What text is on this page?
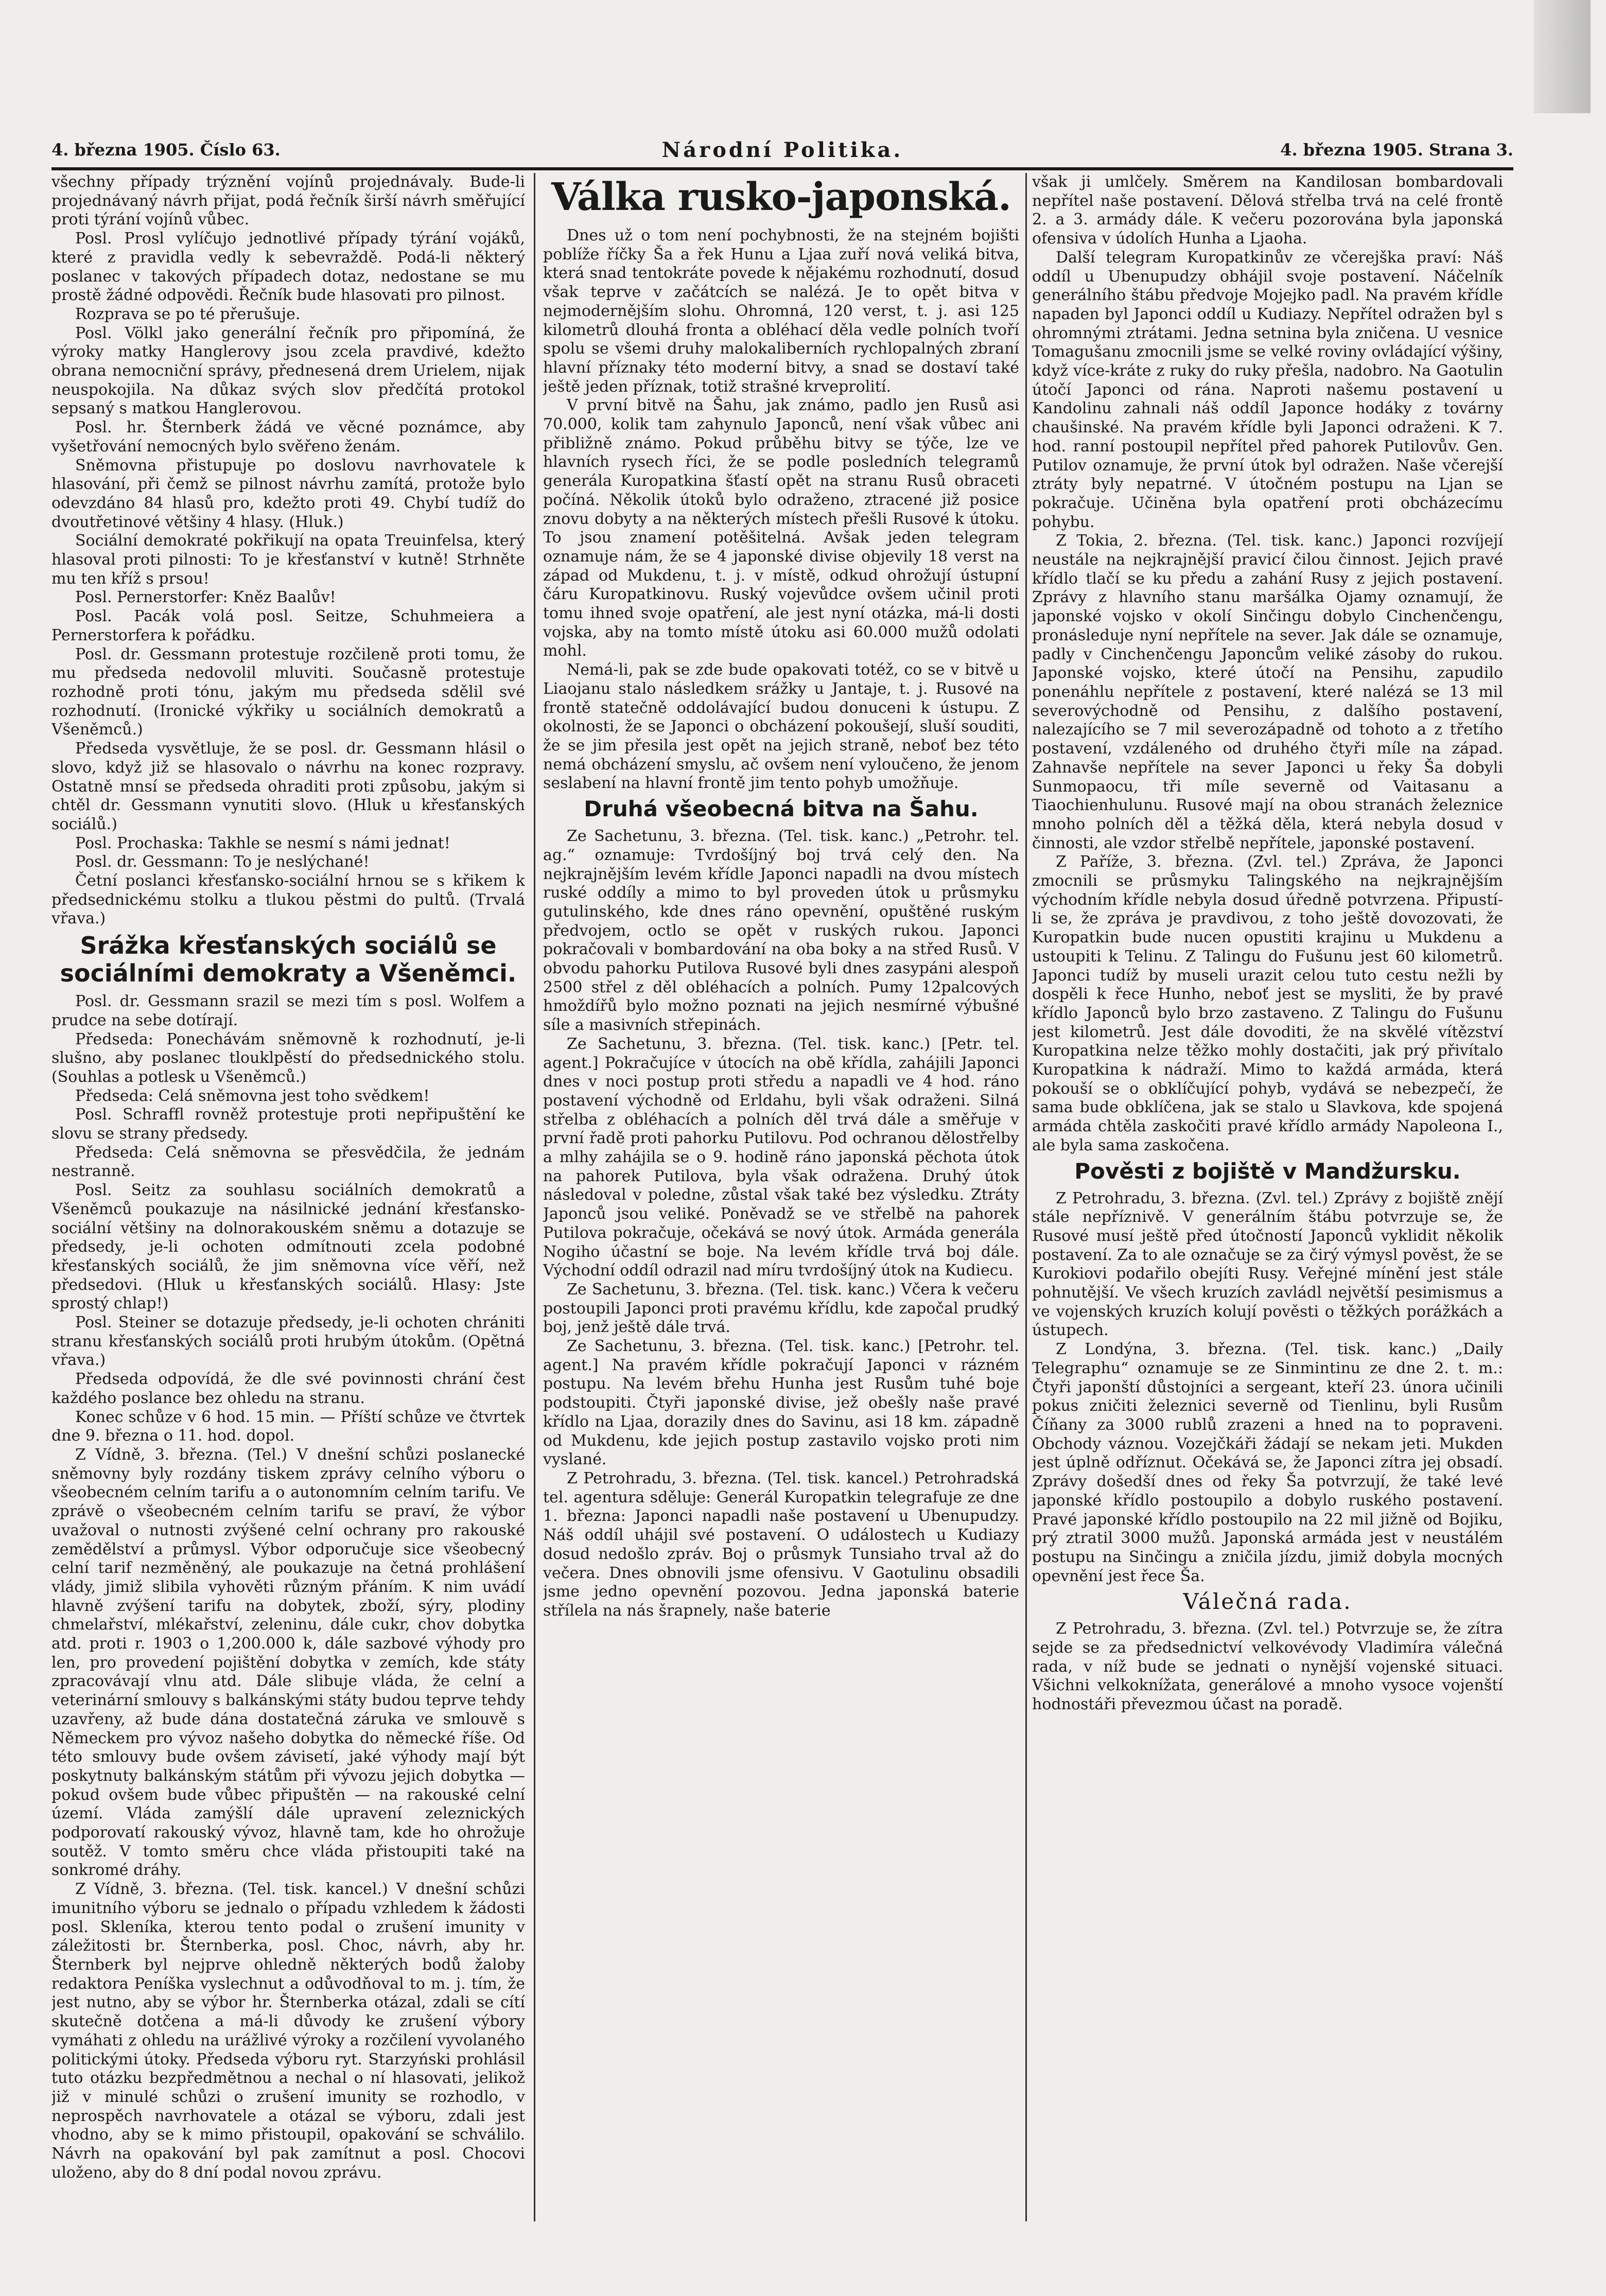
4. března 1905. Číslo 63.	Národní Politika.	4. března 1905. Strana 3.

všechny případy trýznění vojínů projednávaly. Bude-li projednávaný návrh přijat, podá řečník širší návrh směřující proti týrání vojínů vůbec.

Posl. Prosl vylíčujo jednotlivé případy týrání vojáků, které z pravidla vedly k sebevraždě. Podá-li některý poslanec v takových případech dotaz, nedostane se mu prostě žádné odpovědi. Řečník bude hlasovati pro pilnost.

Rozprava se po té přerušuje.

Posl. Völkl jako generální řečník pro připomíná, že výroky matky Hanglerovy jsou zcela pravdivé, kdežto obrana nemocniční správy, přednesená drem Urielem, nijak neuspokojila. Na důkaz svých slov předčítá protokol sepsaný s matkou Hanglerovou.

Posl. hr. Šternberk žádá ve věcné poznámce, aby vyšetřování nemocných bylo svěřeno ženám.

Sněmovna přistupuje po doslovu navrhovatele k hlasování, při čemž se pilnost návrhu zamítá, protože bylo odevzdáno 84 hlasů pro, kdežto proti 49. Chybí tudíž do dvoutřetinové většiny 4 hlasy. (Hluk.)

Sociální demokraté pokřikují na opata Treuinfelsa, který hlasoval proti pilnosti: To je křesťanství v kutně! Strhněte mu ten kříž s prsou!

Posl. Pernerstorfer: Kněz Baalův!

Posl. Pacák volá posl. Seitze, Schuhmeiera a Pernerstorfera k pořádku.

Posl. dr. Gessmann protestuje rozčileně proti tomu, že mu předseda nedovolil mluviti. Současně protestuje rozhodně proti tónu, jakým mu předseda sdělil své rozhodnutí. (Ironické výkřiky u sociálních demokratů a Všeněmců.)

Předseda vysvětluje, že se posl. dr. Gessmann hlásil o slovo, když již se hlasovalo o návrhu na konec rozpravy. Ostatně mnsí se předseda ohraditi proti způsobu, jakým si chtěl dr. Gessmann vynutiti slovo. (Hluk u křesťanských sociálů.)

Posl. Prochaska: Takhle se nesmí s námi jednat!

Posl. dr. Gessmann: To je neslýchané!

Četní poslanci křesťansko-sociální hrnou se s křikem k předsednickému stolku a tlukou pěstmi do pultů. (Trvalá vřava.)

Srážka křesťanských sociálů se sociálními demokraty a Všeněmci.

Posl. dr. Gessmann srazil se mezi tím s posl. Wolfem a prudce na sebe dotírají.

Předseda: Ponechávám sněmovně k rozhodnutí, je-li slušno, aby poslanec tlouklpěstí do předsednického stolu. (Souhlas a potlesk u Všeněmců.)

Předseda: Celá sněmovna jest toho svědkem!

Posl. Schraffl rovněž protestuje proti nepřipuštění ke slovu se strany předsedy.

Předseda: Celá sněmovna se přesvědčila, že jednám nestranně.

Posl. Seitz za souhlasu sociálních demokratů a Všeněmců poukazuje na násilnické jednání křesťansko-sociální většiny na dolnorakouském sněmu a dotazuje se předsedy, je-li ochoten odmítnouti zcela podobné křesťanských sociálů, že jim sněmovna více věří, než předsedovi. (Hluk u křesťanských sociálů. Hlasy: Jste sprostý chlap!)

Posl. Steiner se dotazuje předsedy, je-li ochoten chrániti stranu křesťanských sociálů proti hrubým útokům. (Opětná vřava.)

Předseda odpovídá, že dle své povinnosti chrání čest každého poslance bez ohledu na stranu.

Konec schůze v 6 hod. 15 min. — Příští schůze ve čtvrtek dne 9. března o 11. hod. dopol.

Z Vídně, 3. března. (Tel.) V dnešní schůzi poslanecké sněmovny byly rozdány tiskem zprávy celního výboru o všeobecném celním tarifu a o autonomním celním tarifu. Ve zprávě o všeobecném celním tarifu se praví, že výbor uvažoval o nutnosti zvýšené celní ochrany pro rakouské zemědělství a průmysl. Výbor odporučuje sice všeobecný celní tarif nezměněný, ale poukazuje na četná prohlášení vlády, jimiž slibila vyhověti různým přáním. K nim uvádí hlavně zvýšení tarifu na dobytek, zboží, sýry, plodiny chmelařství, mlékařství, zeleninu, dále cukr, chov dobytka atd. proti r. 1903 o 1,200.000 k, dále sazbové výhody pro len, pro provedení pojištění dobytka v zemích, kde státy zpracovávají vlnu atd. Dále slibuje vláda, že celní a veterinární smlouvy s balkánskými státy budou teprve tehdy uzavřeny, až bude dána dostatečná záruka ve smlouvě s Německem pro vývoz našeho dobytka do německé říše. Od této smlouvy bude ovšem závisetí, jaké výhody mají být poskytnuty balkánským státům při vývozu jejich dobytka — pokud ovšem bude vůbec připuštěn — na rakouské celní území. Vláda zamýšlí dále upravení zeleznických podporovatí rakouský vývoz, hlavně tam, kde ho ohrožuje soutěž. V tomto směru chce vláda přistoupiti také na sonkromé dráhy.

Z Vídně, 3. března. (Tel. tisk. kancel.) V dnešní schůzi imunitního výboru se jednalo o případu vzhledem k žádosti posl. Skleníka, kterou tento podal o zrušení imunity v záležitosti br. Šternberka, posl. Choc, návrh, aby hr. Šternberk byl nejprve ohledně některých bodů žaloby redaktora Peníška vyslechnut a odůvodňoval to m. j. tím, že jest nutno, aby se výbor hr. Šternberka otázal, zdali se cítí skutečně dotčena a má-li důvody ke zrušení výbory vymáhati z ohledu na urážlivé výroky a rozčilení vyvolaného politickými útoky. Předseda výboru ryt. Starzyński prohlásil tuto otázku bezpředmětnou a nechal o ní hlasovati, jelikož již v minulé schůzi o zrušení imunity se rozhodlo, v neprospěch navrhovatele a otázal se výboru, zdali jest vhodno, aby se k mimo přistoupil, opakování se schválilo. Návrh na opakování byl pak zamítnut a posl. Chocovi uloženo, aby do 8 dní podal novou zprávu.

Válka rusko-japonská.

Dnes už o tom není pochybnosti, že na stejném bojišti poblíže říčky Ša a řek Hunu a Ljaa zuří nová veliká bitva, která snad tentokráte povede k nějakému rozhodnutí, dosud však teprve v začátcích se nalézá. Je to opět bitva v nejmodernějším slohu. Ohromná, 120 verst, t. j. asi 125 kilometrů dlouhá fronta a obléhací děla vedle polních tvoří spolu se všemi druhy malokaliberních rychlopalných zbraní hlavní příznaky této moderní bitvy, a snad se dostaví také ještě jeden příznak, totiž strašné krveprolití.

V první bitvě na Šahu, jak známo, padlo jen Rusů asi 70.000, kolik tam zahynulo Japonců, není však vůbec ani přibližně známo. Pokud průběhu bitvy se týče, lze ve hlavních rysech říci, že se podle posledních telegramů generála Kuropatkina šťastí opět na stranu Rusů obraceti počíná. Několik útoků bylo odraženo, ztracené již posice znovu dobyty a na některých místech přešli Rusové k útoku. To jsou znamení potěšitelná. Avšak jeden telegram oznamuje nám, že se 4 japonské divise objevily 18 verst na západ od Mukdenu, t. j. v místě, odkud ohrožují ústupní čáru Kuropatkinovu. Ruský vojevůdce ovšem učinil proti tomu ihned svoje opatření, ale jest nyní otázka, má-li dosti vojska, aby na tomto místě útoku asi 60.000 mužů odolati mohl.

Nemá-li, pak se zde bude opakovati totéž, co se v bitvě u Liaojanu stalo následkem srážky u Jantaje, t. j. Rusové na frontě statečně oddolávající budou donuceni k ústupu. Z okolnosti, že se Japonci o obcházení pokoušejí, sluší souditi, že se jim přesila jest opět na jejich straně, neboť bez této nemá obcházení smyslu, ač ovšem není vyloučeno, že jenom seslabení na hlavní frontě jim tento pohyb umožňuje.

Druhá všeobecná bitva na Šahu.

Ze Sachetunu, 3. března. (Tel. tisk. kanc.) „Petrohr. tel. ag.“ oznamuje: Tvrdošíjný boj trvá celý den. Na nejkrajnějším levém křídle Japonci napadli na dvou místech ruské oddíly a mimo to byl proveden útok u průsmyku gutulinského, kde dnes ráno opevnění, opuštěné ruským předvojem, octlo se opět v ruských rukou. Japonci pokračovali v bombardování na oba boky a na střed Rusů. V obvodu pahorku Putilova Rusové byli dnes zasypáni alespoň 2500 střel z děl obléhacích a polních. Pumy 12palcových hmoždířů bylo možno poznati na jejich nesmírné výbušné síle a masivních střepinách.

Ze Sachetunu, 3. března. (Tel. tisk. kanc.) [Petr. tel. agent.] Pokračujíce v útocích na obě křídla, zahájili Japonci dnes v noci postup proti středu a napadli ve 4 hod. ráno postavení východně od Erldahu, byli však odraženi. Silná střelba z obléhacích a polních děl trvá dále a směřuje v první řadě proti pahorku Putilovu. Pod ochranou dělostřelby a mlhy zahájila se o 9. hodině ráno japonská pěchota útok na pahorek Putilova, byla však odražena. Druhý útok následoval v poledne, zůstal však také bez výsledku. Ztráty Japonců jsou veliké. Poněvadž se ve střelbě na pahorek Putilova pokračuje, očekává se nový útok. Armáda generála Nogiho účastní se boje. Na levém křídle trvá boj dále. Východní oddíl odrazil nad míru tvrdošíjný útok na Kudiecu.

Ze Sachetunu, 3. března. (Tel. tisk. kanc.) Včera k večeru postoupili Japonci proti pravému křídlu, kde započal prudký boj, jenž ještě dále trvá.

Ze Sachetunu, 3. března. (Tel. tisk. kanc.) [Petrohr. tel. agent.] Na pravém křídle pokračují Japonci v rázném postupu. Na levém břehu Hunha jest Rusům tuhé boje podstoupiti. Čtyři japonské divise, jež obešly naše pravé křídlo na Ljaa, dorazily dnes do Savinu, asi 18 km. západně od Mukdenu, kde jejich postup zastavilo vojsko proti nim vyslané.

Z Petrohradu, 3. března. (Tel. tisk. kancel.) Petrohradská tel. agentura sděluje: Generál Kuropatkin telegrafuje ze dne 1. března: Japonci napadli naše postavení u Ubenupudzy. Náš oddíl uhájil své postavení. O událostech u Kudiazy dosud nedošlo zpráv. Boj o průsmyk Tunsiaho trval až do večera. Dnes obnovili jsme ofensivu. V Gaotulinu obsadili jsme jedno opevnění pozovou. Jedna japonská baterie střílela na nás šrapnely, naše baterie

však ji umlčely. Směrem na Kandilosan bombardovali nepřítel naše postavení. Dělová střelba trvá na celé frontě 2. a 3. armády dále. K večeru pozorována byla japonská ofensiva v údolích Hunha a Ljaoha.

Další telegram Kuropatkinův ze včerejška praví: Náš oddíl u Ubenupudzy obhájil svoje postavení. Náčelník generálního štábu předvoje Mojejko padl. Na pravém křídle napaden byl Japonci oddíl u Kudiazy. Nepřítel odražen byl s ohromnými ztrátami. Jedna setnina byla zničena. U vesnice Tomagušanu zmocnili jsme se velké roviny ovládající výšiny, když více-kráte z ruky do ruky přešla, nadobro. Na Gaotulin útočí Japonci od rána. Naproti našemu postavení u Kandolinu zahnali náš oddíl Japonce hodáky z továrny chaušinské. Na pravém křídle byli Japonci odraženi. K 7. hod. ranní postoupil nepřítel před pahorek Putilovův. Gen. Putilov oznamuje, že první útok byl odražen. Naše včerejší ztráty byly nepatrné. V útočném postupu na Ljan se pokračuje. Učiněna byla opatření proti obcházecímu pohybu.

Z Tokia, 2. března. (Tel. tisk. kanc.) Japonci rozvíjejí neustále na nejkrajnější pravicí čilou činnost. Jejich pravé křídlo tlačí se ku předu a zahání Rusy z jejich postavení. Zprávy z hlavního stanu maršálka Ojamy oznamují, že japonské vojsko v okolí Sinčingu dobylo Cinchenčengu, pronásleduje nyní nepřítele na sever. Jak dále se oznamuje, padly v Cinchenčengu Japoncům veliké zásoby do rukou. Japonské vojsko, které útočí na Pensihu, zapudilo ponenáhlu nepřítele z postavení, které nalézá se 13 mil severovýchodně od Pensihu, z dalšího postavení, nalezajícího se 7 mil severozápadně od tohoto a z třetího postavení, vzdáleného od druhého čtyři míle na západ. Zahnavše nepřítele na sever Japonci u řeky Ša dobyli Sunmopaocu, tři míle severně od Vaitasanu a Tiaochienhulunu. Rusové mají na obou stranách železnice mnoho polních děl a těžká děla, která nebyla dosud v činnosti, ale vzdor střelbě nepřítele, japonské postavení.

Z Paříže, 3. března. (Zvl. tel.) Zpráva, že Japonci zmocnili se průsmyku Talingského na nejkrajnějším východním křídle nebyla dosud úředně potvrzena. Připustí-li se, že zpráva je pravdivou, z toho ještě dovozovati, že Kuropatkin bude nucen opustiti krajinu u Mukdenu a ustoupiti k Telinu. Z Talingu do Fušunu jest 60 kilometrů. Japonci tudíž by museli urazit celou tuto cestu nežli by dospěli k řece Hunho, neboť jest se mysliti, že by pravé křídlo Japonců bylo brzo zastaveno. Z Talingu do Fušunu jest kilometrů. Jest dále dovoditi, že na skvělé vítězství Kuropatkina nelze těžko mohly dostačiti, jak prý přivítalo Kuropatkina k nádraží. Mimo to každá armáda, která pokouší se o obklíčující pohyb, vydává se nebezpečí, že sama bude obklíčena, jak se stalo u Slavkova, kde spojená armáda chtěla zaskočiti pravé křídlo armády Napoleona I., ale byla sama zaskočena.

Pověsti z bojiště v Mandžursku.

Z Petrohradu, 3. března. (Zvl. tel.) Zprávy z bojiště znějí stále nepříznivě. V generálním štábu potvrzuje se, že Rusové musí ještě před útočností Japonců vyklidit několik postavení. Za to ale označuje se za čirý výmysl pověst, že se Kurokiovi podařilo obejíti Rusy. Veřejné mínění jest stále pohnutější. Ve všech kruzích zavládl největší pesimismus a ve vojenských kruzích kolují pověsti o těžkých porážkách a ústupech.

Z Londýna, 3. března. (Tel. tisk. kanc.) „Daily Telegraphu“ oznamuje se ze Sinmintinu ze dne 2. t. m.: Čtyři japonští důstojníci a sergeant, kteří 23. února učinili pokus zničiti železnici severně od Tienlinu, byli Rusům Číňany za 3000 rublů zrazeni a hned na to popraveni. Obchody váznou. Vozejčkáři žádají se nekam jeti. Mukden jest úplně odříznut. Očekává se, že Japonci zítra jej obsadí. Zprávy došedší dnes od řeky Ša potvrzují, že také levé japonské křídlo postoupilo a dobylo ruského postavení. Pravé japonské křídlo postoupilo na 22 mil jižně od Bojiku, prý ztratil 3000 mužů. Japonská armáda jest v neustálém postupu na Sinčingu a zničila jízdu, jimiž dobyla mocných opevnění jest řece Ša.

Válečná rada.

Z Petrohradu, 3. března. (Zvl. tel.) Potvrzuje se, že zítra sejde se za předsednictví velkovévody Vladimíra válečná rada, v níž bude se jednati o nynější vojenské situaci. Všichni velkoknížata, generálové a mnoho vysoce vojenští hodnostáři převezmou účast na poradě.
